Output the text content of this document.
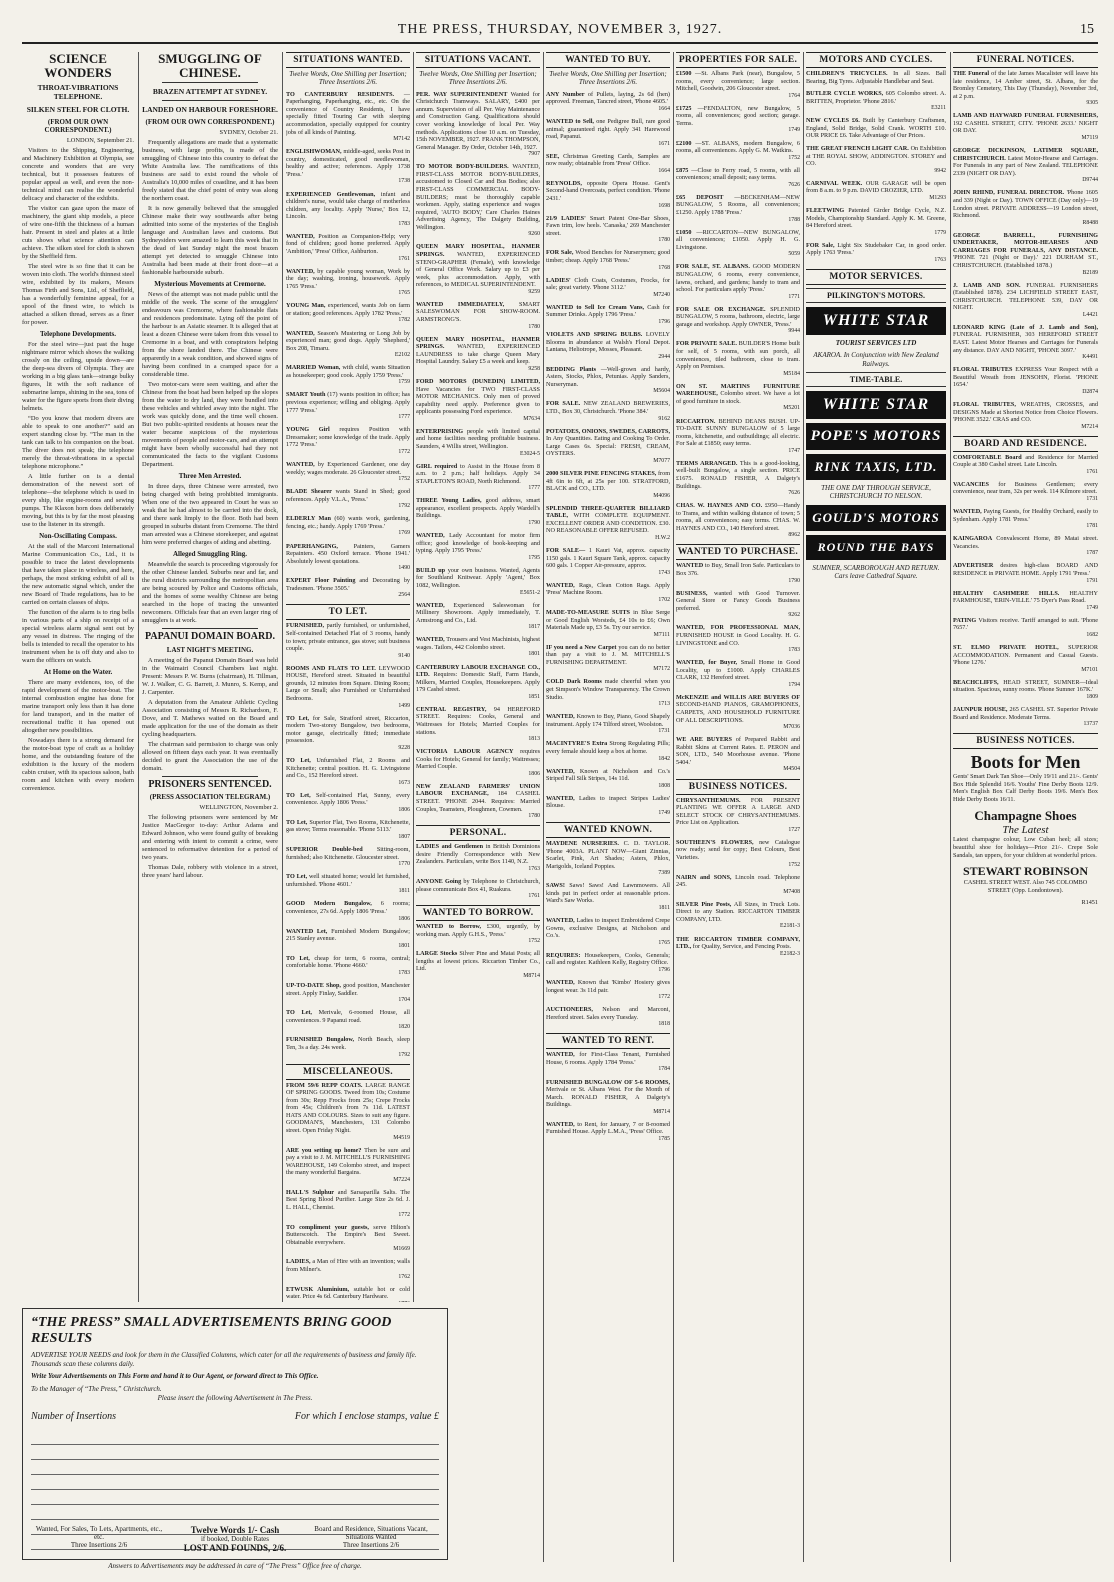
THE PRESS, THURSDAY, NOVEMBER 3, 1927.	15
SCIENCE WONDERS
THROAT-VIBRATIONS TELEPHONE.
SILKEN STEEL FOR CLOTH.
(FROM OUR OWN CORRESPONDENT.)

LONDON, September 21.

Visitors to the Shipping, Engineering, and Machinery Exhibition at Olympia, see concrete and wonders that are very technical, but it possesses features of popular appeal as well, and even the non-technical mind can realise the wonderful delicacy and character of the exhibits.

The visitor can gaze upon the maze of machinery, the giant ship models, a piece of wire one-fifth the thickness of a human hair. Present in steel and plates at a little cuts shows what science attention can achieve. The silken steel for cloth is shown by the Sheffield firm.

The steel wire is so fine that it can be woven into cloth. The world's thinnest steel wire, exhibited by its makers, Messrs Thomas Firth and Sons, Ltd., of Sheffield, has a wonderfully feminine appeal, for a spool of the finest wire, to which is attached a silken thread, serves as a finer for power.

Telephone Developments.

For the steel wire—just past the huge nightmare mirror which shows the walking crossly on the ceiling, upside down—are the deep-sea divers of Olympia. They are working in a big glass tank—strange bulky figures, lit with the soft radiance of submarine lamps, shining in the sea, tons of water for the figure sports from their diving helmets.

“Do you know that modern divers are able to speak to one another?” said an expert standing close by. “The man in the tank can talk to his companion on the boat. The diver does not speak; the telephone merely the throat-vibrations in a special telephone microphone.”

A little further on is a dental demonstration of the newest sort of telephone—the telephone which is used in every ship, like engine-rooms and sewing pumps. The Klaxon horn does deliberately moving, but this is by far the most pleasing use to the listener in its strength.

Non-Oscillating Compass.

At the stall of the Marconi International Marine Communication Co., Ltd., it is possible to trace the latest developments that have taken place in wireless, and here, perhaps, the most striking exhibit of all is the new automatic signal which, under the new Board of Trade regulations, has to be carried on certain classes of ships.

The function of the alarm is to ring bells in various parts of a ship on receipt of a special wireless alarm signal sent out by any vessel in distress. The ringing of the bells is intended to recall the operator to his instrument when he is off duty and also to warn the officers on watch.

At Home on the Water.

There are many evidences, too, of the rapid development of the motor-boat. The internal combustion engine has done for marine transport only less than it has done for land transport, and in the matter of recreational traffic it has opened out altogether new possibilities.

Nowadays there is a strong demand for the motor-boat type of craft as a holiday home, and the outstanding feature of the exhibition is the luxury of the modern cabin cruiser, with its spacious saloon, bath room and kitchen with every modern convenience.

SMUGGLING OF CHINESE.
BRAZEN ATTEMPT AT SYDNEY.
LANDED ON HARBOUR FORESHORE.
(FROM OUR OWN CORRESPONDENT.)

SYDNEY, October 21.

Frequently allegations are made that a systematic business, with large profits, is made of the smuggling of Chinese into this country to defeat the White Australia law. The ramifications of this business are said to exist round the whole of Australia's 10,000 miles of coastline, and it has been freely stated that the chief point of entry was along the northern coast.

It is now generally believed that the smuggled Chinese make their way southwards after being admitted into some of the mysteries of the English language and Australian laws and customs. But Sydneysiders were amazed to learn this week that in the dead of last Sunday night the most brazen attempt yet detected to smuggle Chinese into Australia had been made at their front door—at a fashionable harbourside suburb.

Mysterious Movements at Cremorne.

News of the attempt was not made public until the middle of the week. The scene of the smugglers' endeavours was Cremorne, where fashionable flats and residences predominate. Lying off the point of the harbour is an Asiatic steamer. It is alleged that at least a dozen Chinese were taken from this vessel to Cremorne in a boat, and with conspirators helping from the shore landed there. The Chinese were apparently in a weak condition, and showed signs of having been confined in a cramped space for a considerable time.

Two motor-cars were seen waiting, and after the Chinese from the boat had been helped up the slopes from the water to dry land, they were bundled into these vehicles and whirled away into the night. The work was quickly done, and the time well chosen. But two public-spirited residents at houses near the water became suspicious of the mysterious movements of people and motor-cars, and an attempt might have been wholly successful had they not communicated the facts to the vigilant Customs Department.

Three Men Arrested.

In three days, three Chinese were arrested, two being charged with being prohibited immigrants. When one of the two appeared in Court he was so weak that he had almost to be carried into the dock, and there sank limply to the floor. Both had been grouped in suburbs distant from Cremorne. The third man arrested was a Chinese storekeeper, and against him were preferred charges of aiding and abetting.

Alleged Smuggling Ring.

Meanwhile the search is proceeding vigorously for the other Chinese landed. Suburbs near and far, and the rural districts surrounding the metropolitan area are being scoured by Police and Customs officials, and the homes of some wealthy Chinese are being searched in the hope of tracing the unwanted newcomers. Officials fear that an even larger ring of smugglers is at work.

PAPANUI DOMAIN BOARD.
LAST NIGHT'S MEETING.

A meeting of the Papanui Domain Board was held in the Waimairi Council Chambers last night. Present: Messrs P. W. Burns (chairman), H. Tillman, W. J. Walker, C. G. Barrett, J. Munro, S. Kemp, and J. Carpenter.

A deputation from the Amateur Athletic Cycling Association consisting of Messrs R. Richardson, F. Dove, and T. Mathews waited on the Board and made application for the use of the domain as their cycling headquarters.

The chairman said permission to charge was only allowed on fifteen days each year. It was eventually decided to grant the Association the use of the domain.

PRISONERS SENTENCED.
(PRESS ASSOCIATION TELEGRAM.)

WELLINGTON, November 2.

The following prisoners were sentenced by Mr Justice MacGregor to-day: Arthur Adams and Edward Johnson, who were found guilty of breaking and entering with intent to commit a crime, were sentenced to reformative detention for a period of two years.

Thomas Dale, robbery with violence in a street, three years' hard labour.

SITUATIONS WANTED.
Twelve Words, One Shilling per Insertion; Three Insertions 2/6.
TO CANTERBURY RESIDENTS. —Paperhanging, Paperhanging, etc., etc. On the convenience of Country Residents, I have specially fitted Touring Car with sleeping accommodation, specially equipped for country jobs of all kinds of Painting.
M7142
ENGLISHWOMAN, middle-aged, seeks Post in country, domesticated, good needlewoman, healthy and active; references. Apply 1738 'Press.'
1738
EXPERIENCED Gentlewoman, infant and children's nurse, would take charge of motherless children, any locality. Apply 'Nurse,' Box 12, Lincoln.
1783
WANTED, Position as Companion-Help; very fond of children; good home preferred. Apply 'Ambition,' 'Press' Office, Ashburton.
1761
WANTED, by capable young woman, Work by the day; washing, ironing, housework. Apply 1765 'Press.'
1765
YOUNG Man, experienced, wants Job on farm or station; good references. Apply 1782 'Press.'
1782
WANTED, Season's Mustering or Long Job by experienced man; good dogs. Apply 'Shepherd,' Box 208, Timaru.
E2102
MARRIED Woman, with child, wants Situation as housekeeper; good cook. Apply 1759 'Press.'
1759
SMART Youth (17) wants position in office; has previous experience; willing and obliging. Apply 1777 'Press.'
1777
YOUNG Girl requires Position with Dressmaker; some knowledge of the trade. Apply 1772 'Press.'
1772
WANTED, by Experienced Gardener, one day weekly; wages moderate. 26 Gloucester street.
1752
BLADE Shearer wants Stand in Shed; good references. Apply V.L.A., 'Press.'
1792
ELDERLY Man (60) wants work, gardening, fencing, etc.; handy. Apply 1769 'Press.'
1769
PAPERHANGING,	Painters, Gamers Repainters. 450 Oxford terrace. 'Phone 1941.' Absolutely lowest quotations.
1490
EXPERT Floor Painting and Decorating by Tradesmen. 'Phone 3505.'
2564
TO LET.
FURNISHED, partly furnished, or unfurnished, Self-contained Detached Flat of 3 rooms, handy to town; private entrance, gas stove; suit business couple.
9140
ROOMS AND FLATS TO LET. LEYWOOD HOUSE, Hereford street. Situated in beautiful grounds, 12 minutes from Square. Dining Room; Large or Small; also Furnished or Unfurnished Bedrooms.
1499
TO Let, for Sale, Stratford street, Riccarton, modern Two-storey Bungalow, two bedrooms, motor garage, electrically fitted; immediate possession.
9228
TO Let, Unfurnished Flat, 2 Rooms and Kitchenette; central position. H. G. Livingstone and Co., 152 Hereford street.
1673
TO Let, Self-contained Flat, Sunny, every convenience. Apply 1806 'Press.'
1806
TO Let, Superior Flat, Two Rooms, Kitchenette, gas stove; Terms reasonable. 'Phone 5113.'
1807
SUPERIOR Double-bed Sitting-room, furnished; also Kitchenette. Gloucester street.
1770
TO Let, well situated home; would let furnished, unfurnished. 'Phone 4601.'
1811
GOOD Modern Bungalow, 6 rooms; convenience, 27s 6d. Apply 1806 'Press.'
1806
WANTED Let, Furnished Modern Bungalow; 215 Stanley avenue.
1801
TO Let, cheap for term, 6 rooms, central; comfortable home. 'Phone 4660.'
1783
UP-TO-DATE Shop, good position, Manchester street. Apply Finlay, Saddler.
1704
TO Let, Merivale, 6-roomed House, all conveniences. 9 Papanui road.
1820
FURNISHED Bungalow, North Beach, sleep Ten, 3s a day. 24s week.
1792
MISCELLANEOUS.
FROM 59/6 REPP COATS. LARGE RANGE OF SPRING GOODS. Tweed from 10s; Costume from 30s; Repp Frocks from 25s; Crepe Frocks from 45s; Children's from 7s 11d. LATEST HATS AND COLOURS. Sizes to suit any figure. GOODMAN'S, Manchesters, 131 Colombo street. Open Friday Night.
M4519
ARE you setting up home? Then be sure and pay a visit to J. M. MITCHELL'S FURNISHING WAREHOUSE, 149 Colombo street, and inspect the many wonderful Bargains.
M7224
HALL'S Sulphur and Sarsaparilla Salts. The Best Spring Blood Purifier. Large Size 2s 6d. J. L. HALL, Chemist.
1772
TO compliment your guests, serve Hilton's Butterscotch. The Empire's Best Sweet. Obtainable everywhere.
M1669
LADIES, a Man of Hire with an invention; walls from Milner's.
1762
ETWUSK Aluminium, suitable hot or cold water. Price 4s 6d. Canterbury Hardware.
SITUATIONS VACANT.
Twelve Words, One Shilling per Insertion; Three Insertions 2/6.
PER. WAY SUPERINTENDENT Wanted for Christchurch Tramways. SALARY, £400 per annum. Supervision of all Per. Way Maintenance and Construction Gang. Qualifications should cover working knowledge of local Per. Way methods. Applications close 10 a.m. on Tuesday, 15th NOVEMBER, 1927. FRANK THOMPSON, General Manager. By Order, October 14th, 1927.
7907
TO MOTOR BODY-BUILDERS. WANTED, FIRST-CLASS MOTOR BODY-BUILDERS, accustomed to Closed Car and Bus Bodies; also FIRST-CLASS COMMERCIAL BODY-BUILDERS; must be thoroughly capable workmen. Apply, stating experience and wages required, 'AUTO BODY,' Care Charles Haines Advertising Agency, The Dalgety Building, Wellington.
9260
QUEEN MARY HOSPITAL, HANMER SPRINGS. WANTED, EXPERIENCED STENO-GRAPHER (Female), with knowledge of General Office Work. Salary up to £3 per week, plus accommodation. Apply, with references, to MEDICAL SUPERINTENDENT.
9259
WANTED IMMEDIATELY, SMART SALESWOMAN FOR SHOW-ROOM. ARMSTRONG'S.
1780
QUEEN MARY HOSPITAL, HANMER SPRINGS. WANTED, EXPERIENCED LAUNDRESS to take charge Queen Mary Hospital Laundry. Salary £5 a week and keep.
9258
FORD MOTORS (DUNEDIN) LIMITED, Have Vacancies for TWO FIRST-CLASS MOTOR MECHANICS. Only men of proved capability need apply. Preference given to applicants possessing Ford experience.
M7634
ENTERPRISING people with limited capital and home facilities needing profitable business. Saunders, 4 Willis street, Wellington.
E3024-5
GIRL required to Assist in the House from 8 a.m. to 2 p.m.; half holidays. Apply 34 STAPLETON'S ROAD, North Richmond.
1777
THREE Young Ladies, good address, smart appearance, excellent prospects. Apply Wardell's Buildings.
1790
WANTED, Lady Accountant for motor firm office; good knowledge of book-keeping and typing. Apply 1795 'Press.'
1795
BUILD up your own business. Wanted, Agents for Southland Knitwear. Apply 'Agent,' Box 1082, Wellington.
E5651-2
WANTED, Experienced Saleswoman for Millinery Showroom. Apply immediately, T. Armstrong and Co., Ltd.
1817
WANTED, Trousers and Vest Machinists, highest wages. Tailors, 442 Colombo street.
1801
CANTERBURY LABOUR EXCHANGE CO., LTD. Requires: Domestic Staff, Farm Hands, Milkers, Married Couples, Housekeepers. Apply 179 Cashel street.
1851
CENTRAL REGISTRY, 94 HEREFORD STREET. Requires: Cooks, General and Waitresses for Hotels; Married Couples for stations.
1813
VICTORIA LABOUR AGENCY requires Cooks for Hotels; General for family; Waitresses; Married Couple.
1806
NEW ZEALAND FARMERS' UNION LABOUR EXCHANGE, 184 CASHEL STREET. 'PHONE 2044. Requires: Married Couples, Teamsters, Ploughmen, Cowmen.
1780
PERSONAL.
LADIES and Gentlemen in British Dominions desire Friendly Correspondence with New Zealanders. Particulars, write Box 1140, N.Z.
1763
ANYONE Going by Telephone to Christchurch, please communicate Box 41, Ruakura.
1761
WANTED TO BORROW.
WANTED to Borrow, £300, urgently, by working man. Apply G.H.S., 'Press.'
1752
LARGE Stocks Silver Pine and Matai Posts; all lengths at lowest prices. Riccarton Timber Co., Ltd.
M8714
WANTED TO BUY.
Twelve Words, One Shilling per Insertion; Three Insertions 2/6.
ANY Number of Pullets, laying, 2s 6d (hen) approved. Freeman, Tancred street, 'Phone 4605.'
1664
WANTED to Sell, one Pedigree Bull, rare good animal; guaranteed right. Apply 341 Harewood road, Papanui.
1671
SEE, Christmas Greeting Cards, Samples are now ready; obtainable from 'Press' Office.
1664
REYNOLDS, opposite Opera House. Gent's Second-hand Overcoats, perfect condition. 'Phone 2431.'
1698
21/9 LADIES' Smart Patent One-Bar Shoes, Fawn trim, low heels. 'Canaska,' 269 Manchester street.
1780
FOR Sale, Wood Benches for Nurserymen; good timber; cheap. Apply 1768 'Press.'
1768
LADIES' Cloth Coats, Costumes, Frocks, for sale; great variety. 'Phone 3112.'
M7240
WANTED to Sell Ice Cream Vans, Cash for Summer Drinks. Apply 1796 'Press.'
1796
VIOLETS AND SPRING BULBS. LOVELY Blooms in abundance at Walsh's Floral Depot. Lantana, Heliotrope, Mosses, Pleasant.
2944
BEDDING Plants —Well-grown and hardy, Asters, Stocks, Phlox, Petunias. Apply Sanders, Nurseryman.
M5604
FOR SALE. NEW ZEALAND BREWERIES, LTD., Box 30, Christchurch. 'Phone 384.'
9162
POTATOES, ONIONS, SWEDES, CARROTS, In Any Quantities. Eating and Cooking To Order. Large Cases 6s. Special: FRESH, CREAM, OYSTERS.
M7077
2000 SILVER PINE FENCING STAKES, from 4ft 6in to 6ft, at 25s per 100. STRATFORD, BLACK and CO., LTD.
M4096
SPLENDID THREE-QUARTER BILLIARD TABLE, WITH COMPLETE EQUIPMENT. EXCELLENT ORDER AND CONDITION. £30. NO REASONABLE OFFER REFUSED.
H.W.2
FOR SALE— 1 Kauri Vat, approx. capacity 1150 gals. 1 Kauri Square Tank, approx. capacity 600 gals. 1 Copper Air-pressure, approx.
1743
WANTED, Rags, Clean Cotton Rags. Apply 'Press' Machine Room.
1702
MADE-TO-MEASURE SUITS in Blue Serge or Good English Worsteds, £4 10s to £6; Own Materials Made up, £3 5s. Try our service.
M7111
IF you need a New Carpet you can do no better than pay a visit to J. M. MITCHELL'S FURNISHING DEPARTMENT.
M7172
COLD Dark Rooms made cheerful when you get Simpson's Window Transparency. The Crown Studio.
1713
WANTED, Known to Buy, Piano, Good Shapely instrument. Apply 174 Tilford street, Woolston.
1731
MACINTYRE'S Extra Strong Regulating Pills; every female should keep a box at home.
1842
WANTED, Known at Nicholson and Co.'s Striped Fall Silk Stripes, 14s 11d.
1808
WANTED, Ladies to inspect Stripes Ladies' Blouse.
1749
WANTED KNOWN.
MAYDENE NURSERIES. C. D. TAYLOR. 'Phone 4003A. PLANT NOW—Giant Zinnias, Scarlet, Pink, Art Shades; Asters, Phlox, Marigolds, Iceland Poppies.
7389
SAWS! Saws! Saws! And Lawnmowers. All kinds put in perfect order at reasonable prices. Ward's Saw Works.
1811
WANTED, Ladies to inspect Embroidered Crepe Gowns, exclusive Designs, at Nicholson and Co.'s.
1765
REQUIRES: Housekeepers, Cooks, Generals; call and register. Kathleen Kelly, Registry Office.
1796
WANTED, Known that 'Kimbo' Hosiery gives longest wear. 3s 11d pair.
1772
AUCTIONEERS, Nelson and Marconi, Hereford street. Sales every Tuesday.
1818
WANTED TO RENT.
WANTED, for First-Class Tenant, Furnished House, 6 rooms. Apply 1784 'Press.'
1784
FURNISHED BUNGALOW OF 5-6 ROOMS, Merivale or St. Albans West. For the Month of March. RONALD FISHER, A Dalgety's Buildings.
M8714
WANTED, to Rent, for January, 7 or 8-roomed Furnished House. Apply L.M.A., 'Press' Office.
1785
PROPERTIES FOR SALE.
£1500 —St. Albans Park (near), Bungalow, 5 rooms, every convenience; large section. Mitchell, Goodwin, 206 Gloucester street.
1764
£1725 —FENDALTON, new Bungalow, 5 rooms, all conveniences; good section; garage. Terms.
1749
£2100 —ST. ALBANS, modern Bungalow, 6 rooms, all conveniences. Apply G. M. Watkins.
1752
£875 —Close to Ferry road, 5 rooms, with all conveniences; small deposit; easy terms.
7626
£65 DEPOSIT —BECKENHAM—NEW BUNGALOW, 5 Rooms, all conveniences; £1250. Apply 1788 'Press.'
1788
£1050 —RICCARTON—NEW BUNGALOW, all conveniences; £1050. Apply H. G. Livingstone.
5059
FOR SALE, ST. ALBANS. GOOD MODERN BUNGALOW, 6 rooms, every convenience, lawns, orchard, and gardens; handy to tram and school. For particulars apply 'Press.'
1771
FOR SALE OR EXCHANGE. SPLENDID BUNGALOW, 5 rooms, bathroom, electric, large garage and workshop. Apply OWNER, 'Press.'
9944
FOR PRIVATE SALE. BUILDER'S Home built for self, of 5 rooms, with sun porch, all conveniences, tiled bathroom, close to tram. Apply on Premises.
M5184
ON ST. MARTINS FURNITURE WAREHOUSE, Colombo street. We have a lot of good furniture in stock.
M5201
RICCARTON. BEHIND DEANS BUSH. UP-TO-DATE SUNNY BUNGALOW of 5 large rooms, kitchenette, and outbuildings; all electric. For Sale at £1850; easy terms.
1747
TERMS ARRANGED. This is a good-looking, well-built Bungalow, a single section. PRICE £1675. RONALD FISHER, A Dalgety's Buildings.
7626
CHAS. W. HAYNES AND CO. £950—Handy to Trams, and within walking distance of town; 5 rooms, all conveniences; easy terms. CHAS. W. HAYNES AND CO., 140 Hereford street.
8962
WANTED TO PURCHASE.
WANTED to Buy, Small Iron Safe. Particulars to Box 376.
1790
BUSINESS, wanted with Good Turnover. General Store or Fancy Goods Business preferred.
9262
WANTED, FOR PROFESSIONAL MAN, FURNISHED HOUSE in Good Locality. H. G. LIVINGSTONE and CO.
1783
WANTED, for Buyer, Small Home in Good Locality, up to £1000. Apply CHARLES CLARK, 132 Hereford street.
1794
McKENZIE and WILLIS ARE BUYERS OF SECOND-HAND PIANOS, GRAMOPHONES, CARPETS, AND HOUSEHOLD FURNITURE OF ALL DESCRIPTIONS.
M7036
WE ARE BUYERS of Prepared Rabbit and Rabbit Skins at Current Rates. E. PERON and SON, LTD., 540 Moorhouse avenue. 'Phone 5404.'
M4504
BUSINESS NOTICES.
CHRYSANTHEMUMS. FOR PRESENT PLANTING WE OFFER A LARGE AND SELECT STOCK OF CHRYSANTHEMUMS. Price List on Application.
1727
SOUTHEEN'S FLOWERS, new Catalogue now ready; send for copy; Best Colours, Best Varieties.
1752
NAIRN and SONS, Lincoln road. Telephone 245.
M7408
SILVER Pine Posts, All Sizes, in Truck Lots. Direct to any Station. RICCARTON TIMBER COMPANY, LTD.
E2181-3
THE RICCARTON TIMBER COMPANY, LTD., for Quality, Service, and Fencing Posts.
E2182-3
MOTORS AND CYCLES.
CHILDREN'S TRICYCLES. In all Sizes. Ball Bearing, Big Tyres. Adjustable Handlebar and Seat.
BUTLER CYCLE WORKS, 605 Colombo street. A. BRITTEN, Proprietor. 'Phone 2816.'
E3211
NEW CYCLES £6. Built by Canterbury Craftsmen, England, Solid Bridge, Solid Crank. WORTH £10. OUR PRICE £6. Take Advantage of Our Prices.
THE GREAT FRENCH LIGHT CAR. On Exhibition at THE ROYAL SHOW, ADDINGTON. STOREY and CO.
9942
CARNIVAL WEEK. OUR GARAGE will be open from 8 a.m. to 9 p.m. DAVID CROZIER, LTD.
M1293
FLEETWING Patented Girder Bridge Cycle, N.Z. Models, Championship Standard. Apply K. M. Greene, 84 Hereford street.
1779
FOR Sale, Light Six Studebaker Car, in good order. Apply 1763 'Press.'
1763
MOTOR SERVICES.
PILKINGTON'S MOTORS.
WHITE STAR
TOURIST SERVICES LTD
AKAROA. In Conjunction with New Zealand Railways.
TIME-TABLE.
WHITE STAR
POPE'S MOTORS
RINK TAXIS, LTD.
THE ONE DAY THROUGH SERVICE, CHRISTCHURCH TO NELSON.
GOULD'S MOTORS
ROUND THE BAYS
SUMNER, SCARBOROUGH AND RETURN. Cars leave Cathedral Square.
FUNERAL NOTICES.
THE Funeral of the late James Macalister will leave his late residence, 14 Amber street, St. Albans, for the Bromley Cemetery, This Day (Thursday), November 3rd, at 2 p.m.
9305
LAMB AND HAYWARD FUNERAL FURNISHERS, 192 CASHEL STREET, CITY. 'PHONE 2633.' NIGHT OR DAY.
M7119
GEORGE DICKINSON, LATIMER SQUARE, CHRISTCHURCH. Latest Motor-Hearse and Carriages. For Funerals in any part of New Zealand. TELEPHONE 2339 (NIGHT OR DAY).
D9744
JOHN RHIND, FUNERAL DIRECTOR. 'Phone 1605 and 339 (Night or Day). TOWN OFFICE (Day only)—19 London street. PRIVATE ADDRESS—19 London street, Richmond.
R8488
GEORGE BARRELL, FURNISHING UNDERTAKER, MOTOR-HEARSES AND CARRIAGES FOR FUNERALS, ANY DISTANCE. 'PHONE 721 (Night or Day).' 221 DURHAM ST., CHRISTCHURCH. (Established 1878.)
B2189
J. LAMB AND SON. FUNERAL FURNISHERS (Established 1878). 234 LICHFIELD STREET EAST, CHRISTCHURCH. TELEPHONE 539, DAY OR NIGHT.
L4421
LEONARD KING (Late of J. Lamb and Son), FUNERAL FURNISHER, 303 HEREFORD STREET EAST. Latest Motor Hearses and Carriages for Funerals any distance. DAY AND NIGHT, 'PHONE 3097.'
K4491
FLORAL TRIBUTES EXPRESS Your Respect with a Beautiful Wreath from JENSOHN, Florist. 'PHONE 1654.'
D2874
FLORAL TRIBUTES, WREATHS, CROSSES, and DESIGNS Made at Shortest Notice from Choice Flowers. 'PHONE 3522.' CRAS and CO.
M7214
BOARD AND RESIDENCE.
COMFORTABLE Board and Residence for Married Couple at 380 Cashel street. Late Lincoln.
1761
VACANCIES for Business Gentlemen; every convenience, near tram, 32s per week. 114 Kilmore street.
1731
WANTED, Paying Guests, for Healthy Orchard, easily to Sydenham. Apply 1781 'Press.'
1781
KAINGAROA Convalescent Home, 89 Matai street. Vacancies.
1787
ADVERTISER desires high-class BOARD AND RESIDENCE in PRIVATE HOME. Apply 1791 'Press.'
1791
HEALTHY CASHMERE HILLS. HEALTHY FARMHOUSE, 'ERIN-VILLE.' 75 Dyer's Pass Road.
1749
PATING Visitors receive. Tariff arranged to suit. 'Phone 7657.'
1682
ST. ELMO PRIVATE HOTEL, SUPERIOR ACCOMMODATION. Permanent and Casual Guests. 'Phone 1276.'
M7101
BEACHCLIFFS, HEAD STREET, SUMNER—Ideal situation. Spacious, sunny rooms. 'Phone Sumner 167K.'
1809
JAUNPUR HOUSE, 265 CASHEL ST. Superior Private Board and Residence. Moderate Terms.
13737
BUSINESS NOTICES.
Boots for Men
Gents' Smart Dark Tan Shoe—Only 19/11 and 21/-. Gents' Box Hide Splendid 16/6. Youths' Fine Derby Boots 12/9. Men's English Box Calf Derby Boots 19/6. Men's Box Hide Derby Boots 16/11.
Champagne Shoes
The Latest
Latest champagne colour, Low Cuban heel; all sizes; beautiful shoe for holidays—Price 21/-. Crepe Sole Sandals, tan uppers, for your children at wonderful prices.
STEWART ROBINSON
CASHEL STREET WEST. Also 745 COLOMBO STREET (Opp. Londontown).
R1451
“THE PRESS” SMALL ADVERTISEMENTS BRING GOOD RESULTS

ADVERTISE YOUR NEEDS and look for them in the Classified Columns, which cater for all the requirements of business and family life. Thousands scan these columns daily.

Write Your Advertisements on This Form and hand it to Our Agent, or forward direct to This Office.

To the Manager of “The Press,” Christchurch.

Please insert the following Advertisement in The Press.

Number of Insertions	For which I enclose stamps, value £
Wanted, For Sales, To Lets, Apartments, etc., etc.
Three Insertions 2/6
Twelve Words 1/- Cash
if booked, Double Rates
LOST AND FOUNDS, 2/6.
Board and Residence, Situations Vacant, Situations Wanted
Three Insertions 2/6
Answers to Advertisements may be addressed in care of “The Press” Office free of charge.
